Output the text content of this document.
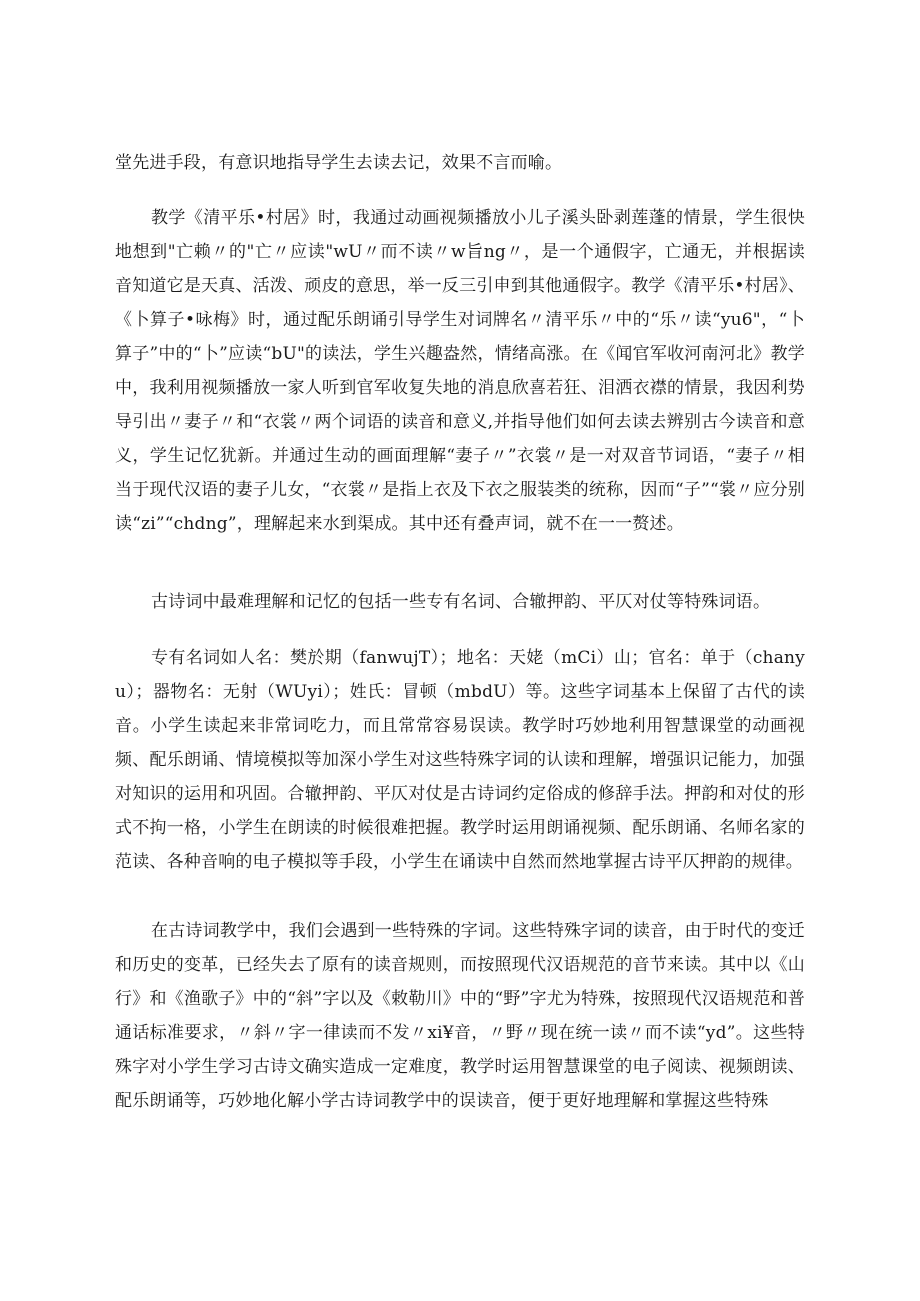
堂先进手段，有意识地指导学生去读去记，效果不言而喻。

教学《清平乐•村居》时，我通过动画视频播放小儿子溪头卧剥莲蓬的情景，学生很快地想到"亡赖〃的"亡〃应读"wU〃而不读〃w旨ng〃，是一个通假字，亡通无，并根据读音知道它是天真、活泼、顽皮的意思，举一反三引申到其他通假字。教学《清平乐•村居》、《卜算子•咏梅》时，通过配乐朗诵引导学生对词牌名〃清平乐〃中的“乐〃读“yu6"，“卜算子”中的“卜”应读“bU"的读法，学生兴趣盎然，情绪高涨。在《闻官军收河南河北》教学中，我利用视频播放一家人听到官军收复失地的消息欣喜若狂、泪洒衣襟的情景，我因利势导引出〃妻子〃和“衣裳〃两个词语的读音和意义,并指导他们如何去读去辨别古今读音和意义，学生记忆犹新。并通过生动的画面理解“妻子〃”衣裳〃是一对双音节词语，“妻子〃相当于现代汉语的妻子儿女，“衣裳〃是指上衣及下衣之服装类的统称，因而“子”“裳〃应分别读“zi”“chdng”，理解起来水到渠成。其中还有叠声词，就不在一一赘述。

古诗词中最难理解和记忆的包括一些专有名词、合辙押韵、平仄对仗等特殊词语。

专有名词如人名：樊於期（fanwujT）；地名：天姥（mCi）山；官名：单于（chanyu）；器物名：无射（WUyi）；姓氏：冒顿（mbdU）等。这些字词基本上保留了古代的读音。小学生读起来非常词吃力，而且常常容易误读。教学时巧妙地利用智慧课堂的动画视频、配乐朗诵、情境模拟等加深小学生对这些特殊字词的认读和理解，增强识记能力，加强对知识的运用和巩固。合辙押韵、平仄对仗是古诗词约定俗成的修辞手法。押韵和对仗的形式不拘一格，小学生在朗读的时候很难把握。教学时运用朗诵视频、配乐朗诵、名师名家的范读、各种音响的电子模拟等手段，小学生在诵读中自然而然地掌握古诗平仄押韵的规律。

在古诗词教学中，我们会遇到一些特殊的字词。这些特殊字词的读音，由于时代的变迁和历史的变革，已经失去了原有的读音规则，而按照现代汉语规范的音节来读。其中以《山行》和《渔歌子》中的“斜”字以及《敕勒川》中的“野”字尤为特殊，按照现代汉语规范和普通话标准要求，〃斜〃字一律读而不发〃xi¥音，〃野〃现在统一读〃而不读“yd”。这些特殊字对小学生学习古诗文确实造成一定难度，教学时运用智慧课堂的电子阅读、视频朗读、配乐朗诵等，巧妙地化解小学古诗词教学中的误读音，便于更好地理解和掌握这些特殊
